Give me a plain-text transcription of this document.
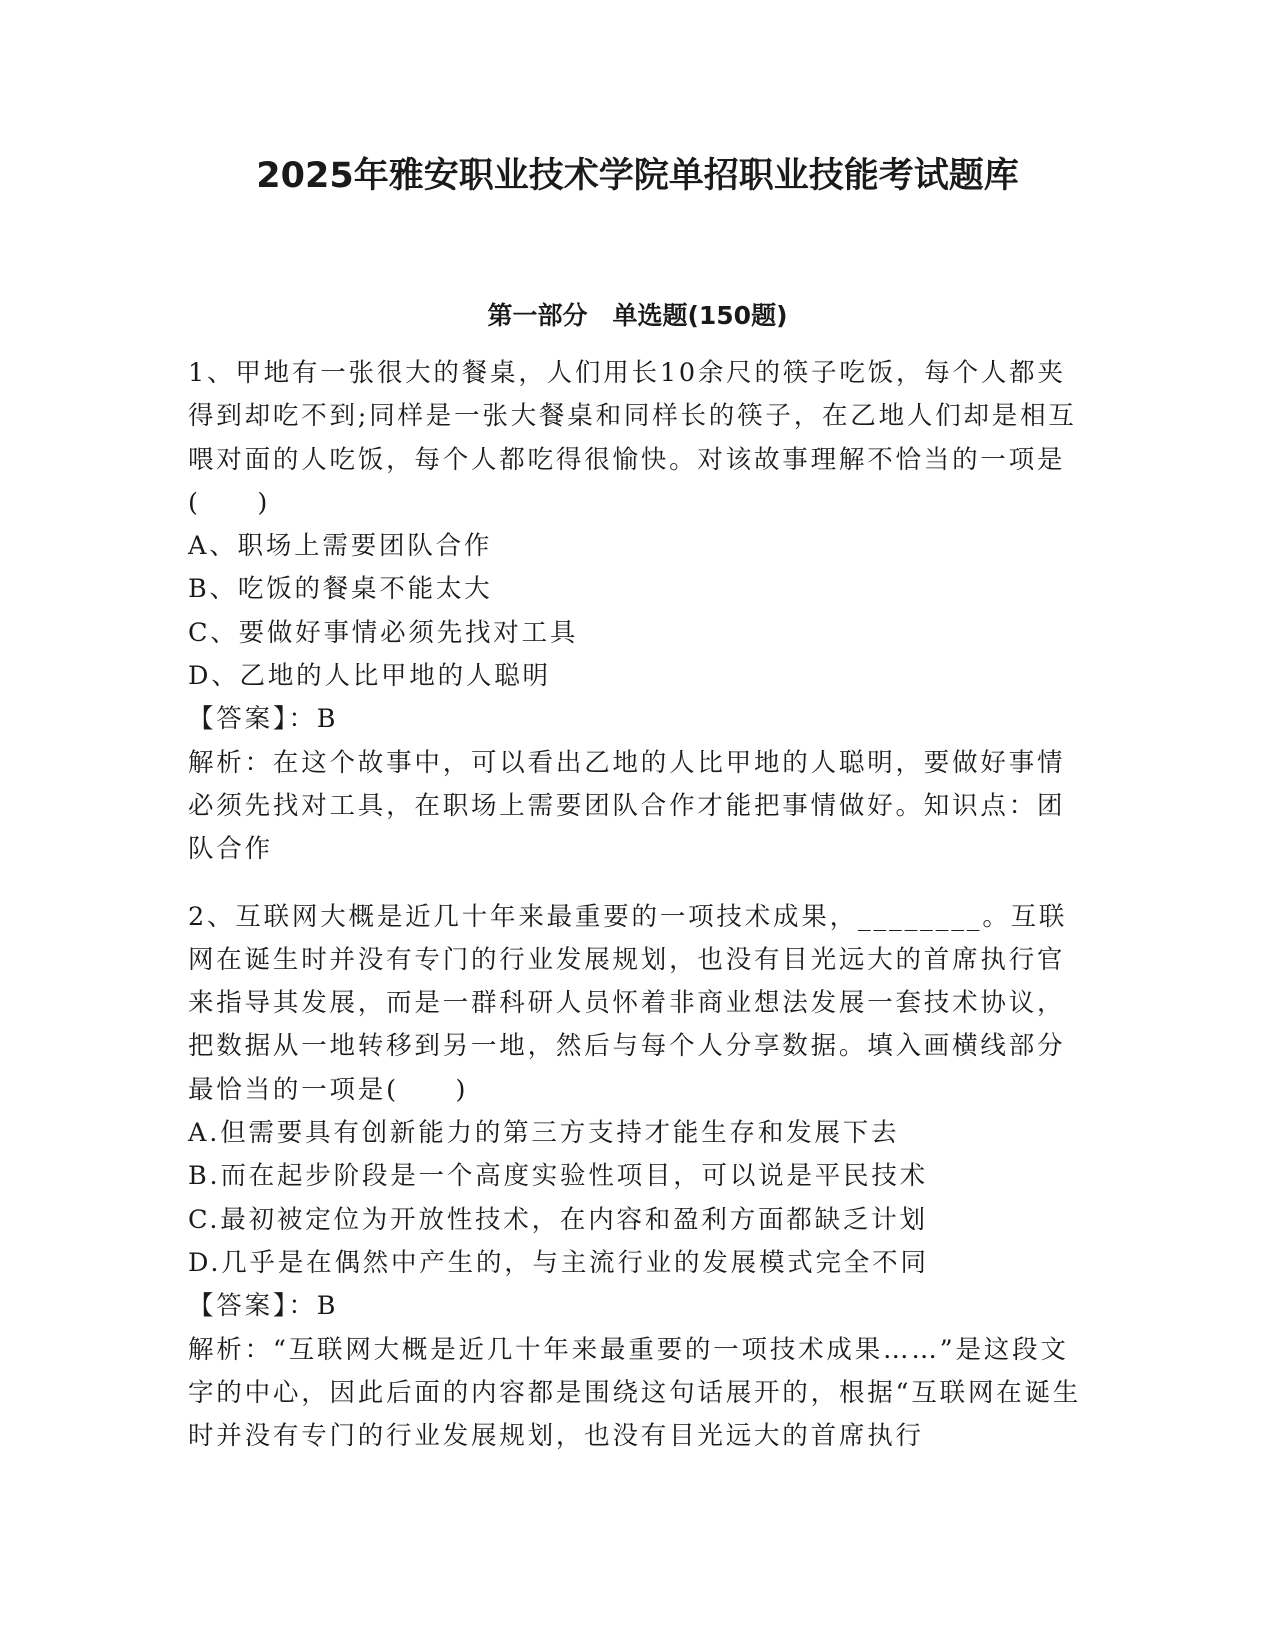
2025年雅安职业技术学院单招职业技能考试题库
第一部分　单选题(150题)

1、甲地有一张很大的餐桌，人们用长10余尺的筷子吃饭，每个人都夹得到却吃不到;同样是一张大餐桌和同样长的筷子，在乙地人们却是相互喂对面的人吃饭，每个人都吃得很愉快。对该故事理解不恰当的一项是(　　)

A、职场上需要团队合作

B、吃饭的餐桌不能太大

C、要做好事情必须先找对工具

D、乙地的人比甲地的人聪明

【答案】：B

解析：在这个故事中，可以看出乙地的人比甲地的人聪明，要做好事情必须先找对工具，在职场上需要团队合作才能把事情做好。知识点：团队合作

2、互联网大概是近几十年来最重要的一项技术成果，________。互联网在诞生时并没有专门的行业发展规划，也没有目光远大的首席执行官来指导其发展，而是一群科研人员怀着非商业想法发展一套技术协议，把数据从一地转移到另一地，然后与每个人分享数据。填入画横线部分最恰当的一项是(　　)

A.但需要具有创新能力的第三方支持才能生存和发展下去

B.而在起步阶段是一个高度实验性项目，可以说是平民技术

C.最初被定位为开放性技术，在内容和盈利方面都缺乏计划

D.几乎是在偶然中产生的，与主流行业的发展模式完全不同

【答案】：B

解析：“互联网大概是近几十年来最重要的一项技术成果……”是这段文字的中心，因此后面的内容都是围绕这句话展开的，根据“互联网在诞生时并没有专门的行业发展规划，也没有目光远大的首席执行
